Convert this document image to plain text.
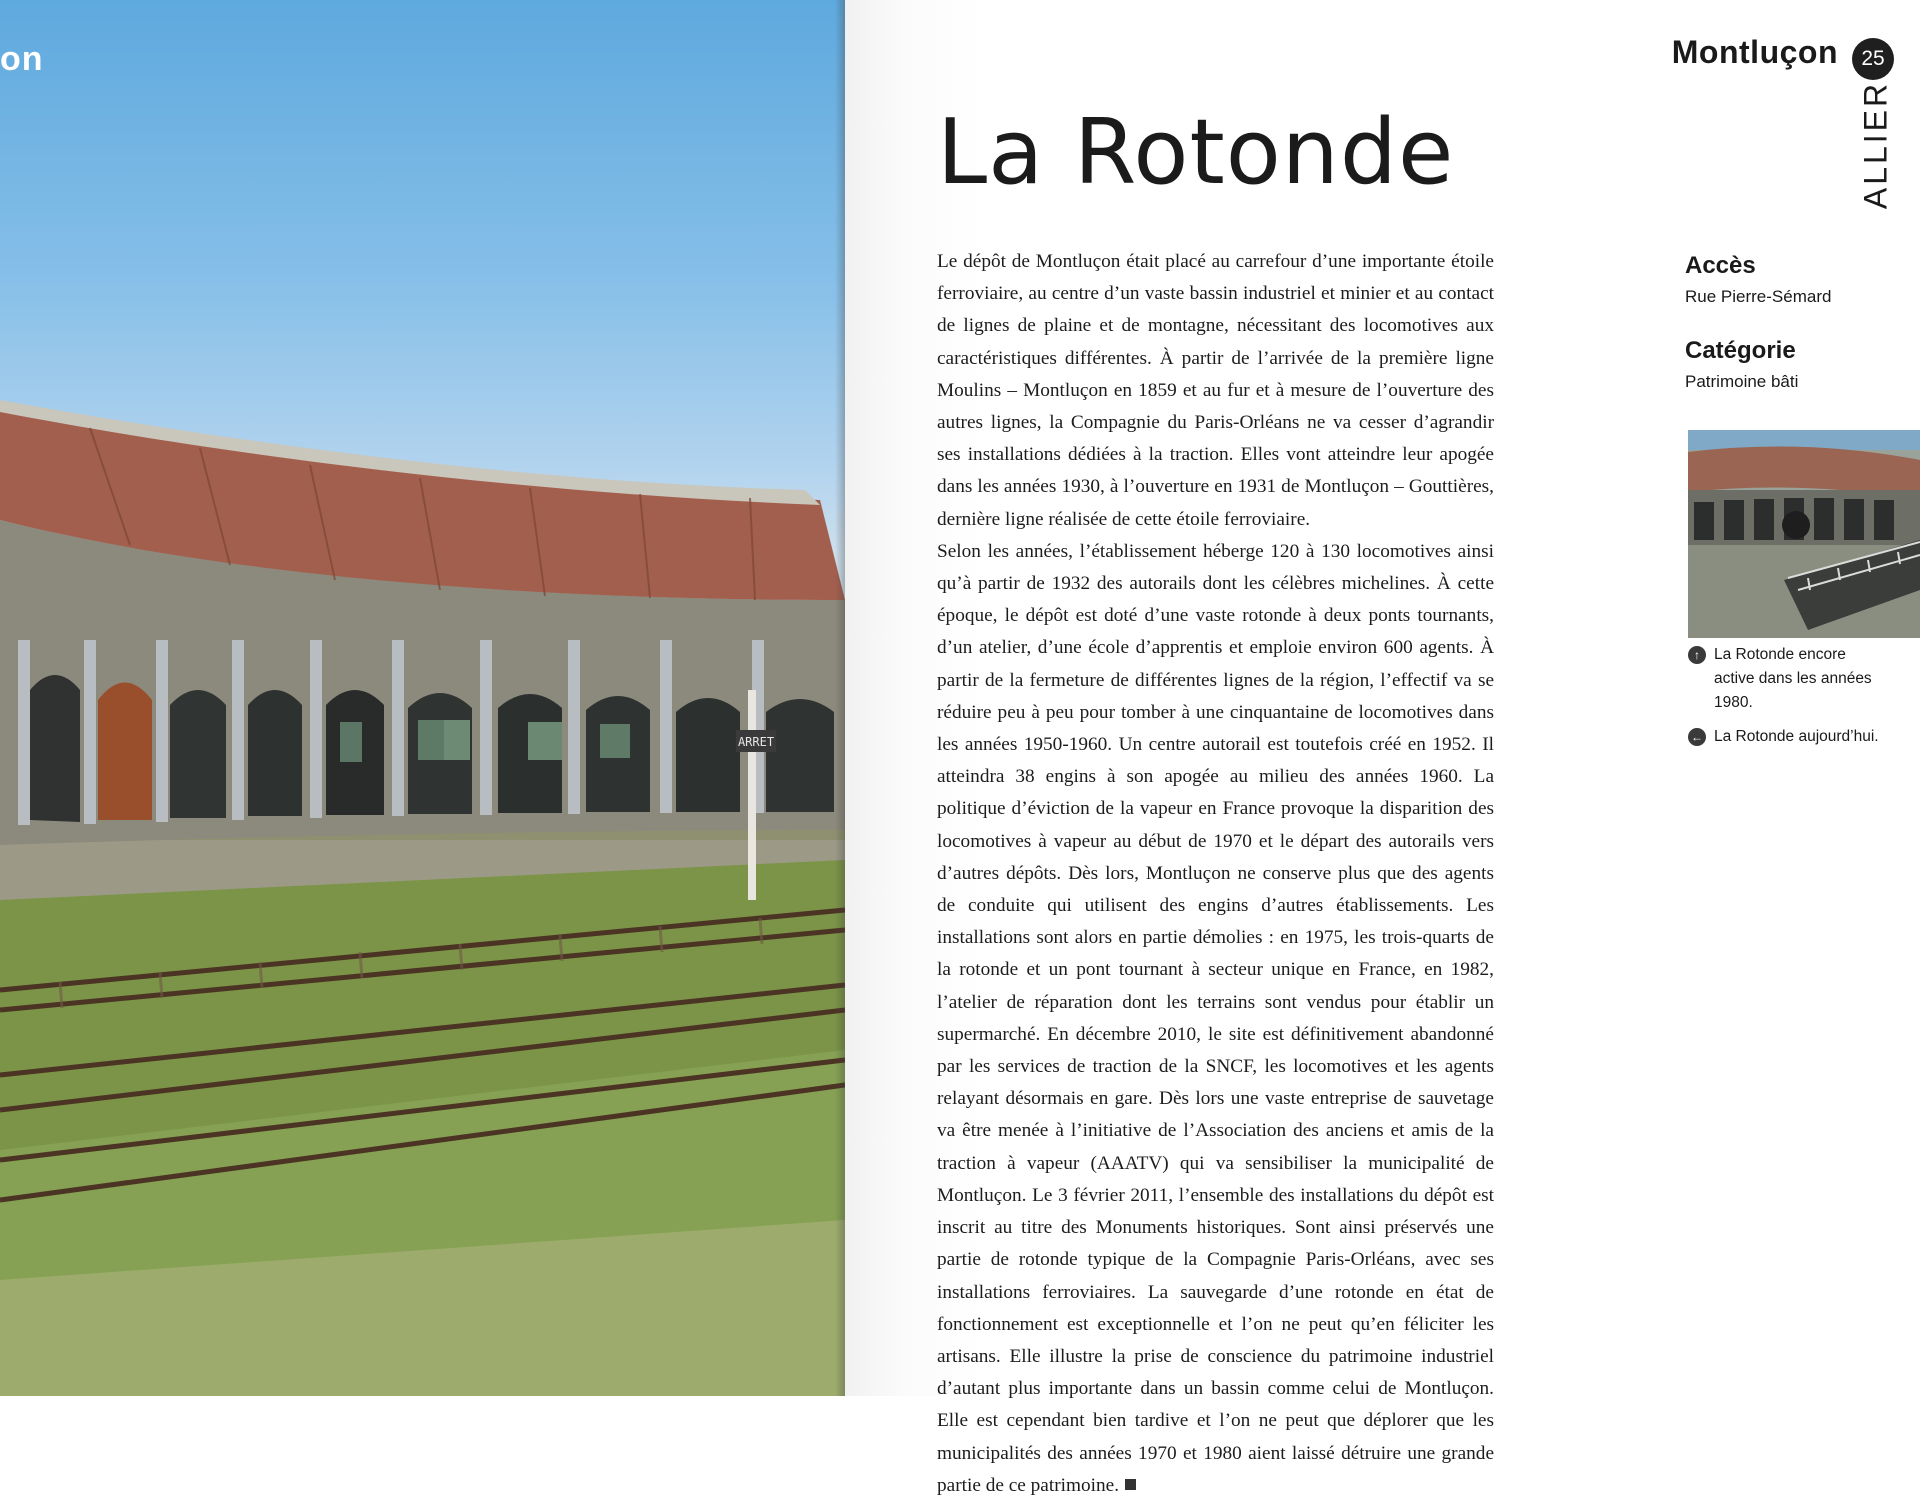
ARRET
on	Montluçon	25
ALLIER
La Rotonde

Le dépôt de Montluçon était placé au carrefour d’une importante étoile ferroviaire, au centre d’un vaste bassin industriel et minier et au contact de lignes de plaine et de montagne, nécessitant des locomotives aux caractéristiques différentes. À partir de l’arrivée de la première ligne Moulins – Montluçon en 1859 et au fur et à mesure de l’ouverture des autres lignes, la Compagnie du Paris-Orléans ne va cesser d’agrandir ses installations dédiées à la traction. Elles vont atteindre leur apogée dans les années 1930, à l’ouverture en 1931 de Montluçon – Gouttières, dernière ligne réalisée de cette étoile ferroviaire.

Selon les années, l’établissement héberge 120 à 130 locomotives ainsi qu’à partir de 1932 des autorails dont les célèbres michelines. À cette époque, le dépôt est doté d’une vaste rotonde à deux ponts tournants, d’un atelier, d’une école d’apprentis et emploie environ 600 agents. À partir de la fermeture de différentes lignes de la région, l’effectif va se réduire peu à peu pour tomber à une cinquantaine de locomotives dans les années 1950-1960. Un centre autorail est toutefois créé en 1952. Il atteindra 38 engins à son apogée au milieu des années 1960. La politique d’éviction de la vapeur en France provoque la disparition des locomotives à vapeur au début de 1970 et le départ des autorails vers d’autres dépôts. Dès lors, Montluçon ne conserve plus que des agents de conduite qui utilisent des engins d’autres établissements. Les installations sont alors en partie démolies : en 1975, les trois-quarts de la rotonde et un pont tournant à secteur unique en France, en 1982, l’atelier de réparation dont les terrains sont vendus pour établir un supermarché. En décembre 2010, le site est définitivement abandonné par les services de traction de la SNCF, les locomotives et les agents relayant désormais en gare. Dès lors une vaste entreprise de sauvetage va être menée à l’initiative de l’Association des anciens et amis de la traction à vapeur (AAATV) qui va sensibiliser la municipalité de Montluçon. Le 3 février 2011, l’ensemble des installations du dépôt est inscrit au titre des Monuments historiques. Sont ainsi préservés une partie de rotonde typique de la Compagnie Paris-Orléans, avec ses installations ferroviaires. La sauvegarde d’une rotonde en état de fonctionnement est exceptionnelle et l’on ne peut qu’en féliciter les artisans. Elle illustre la prise de conscience du patrimoine industriel d’autant plus importante dans un bassin comme celui de Montluçon. Elle est cependant bien tardive et l’on ne peut que déplorer que les municipalités des années 1970 et 1980 aient laissé détruire une grande partie de ce patrimoine.

Accès

Rue Pierre-Sémard

Catégorie

Patrimoine bâti

↑ La Rotonde encore active dans les années 1980.
← La Rotonde aujourd’hui.
